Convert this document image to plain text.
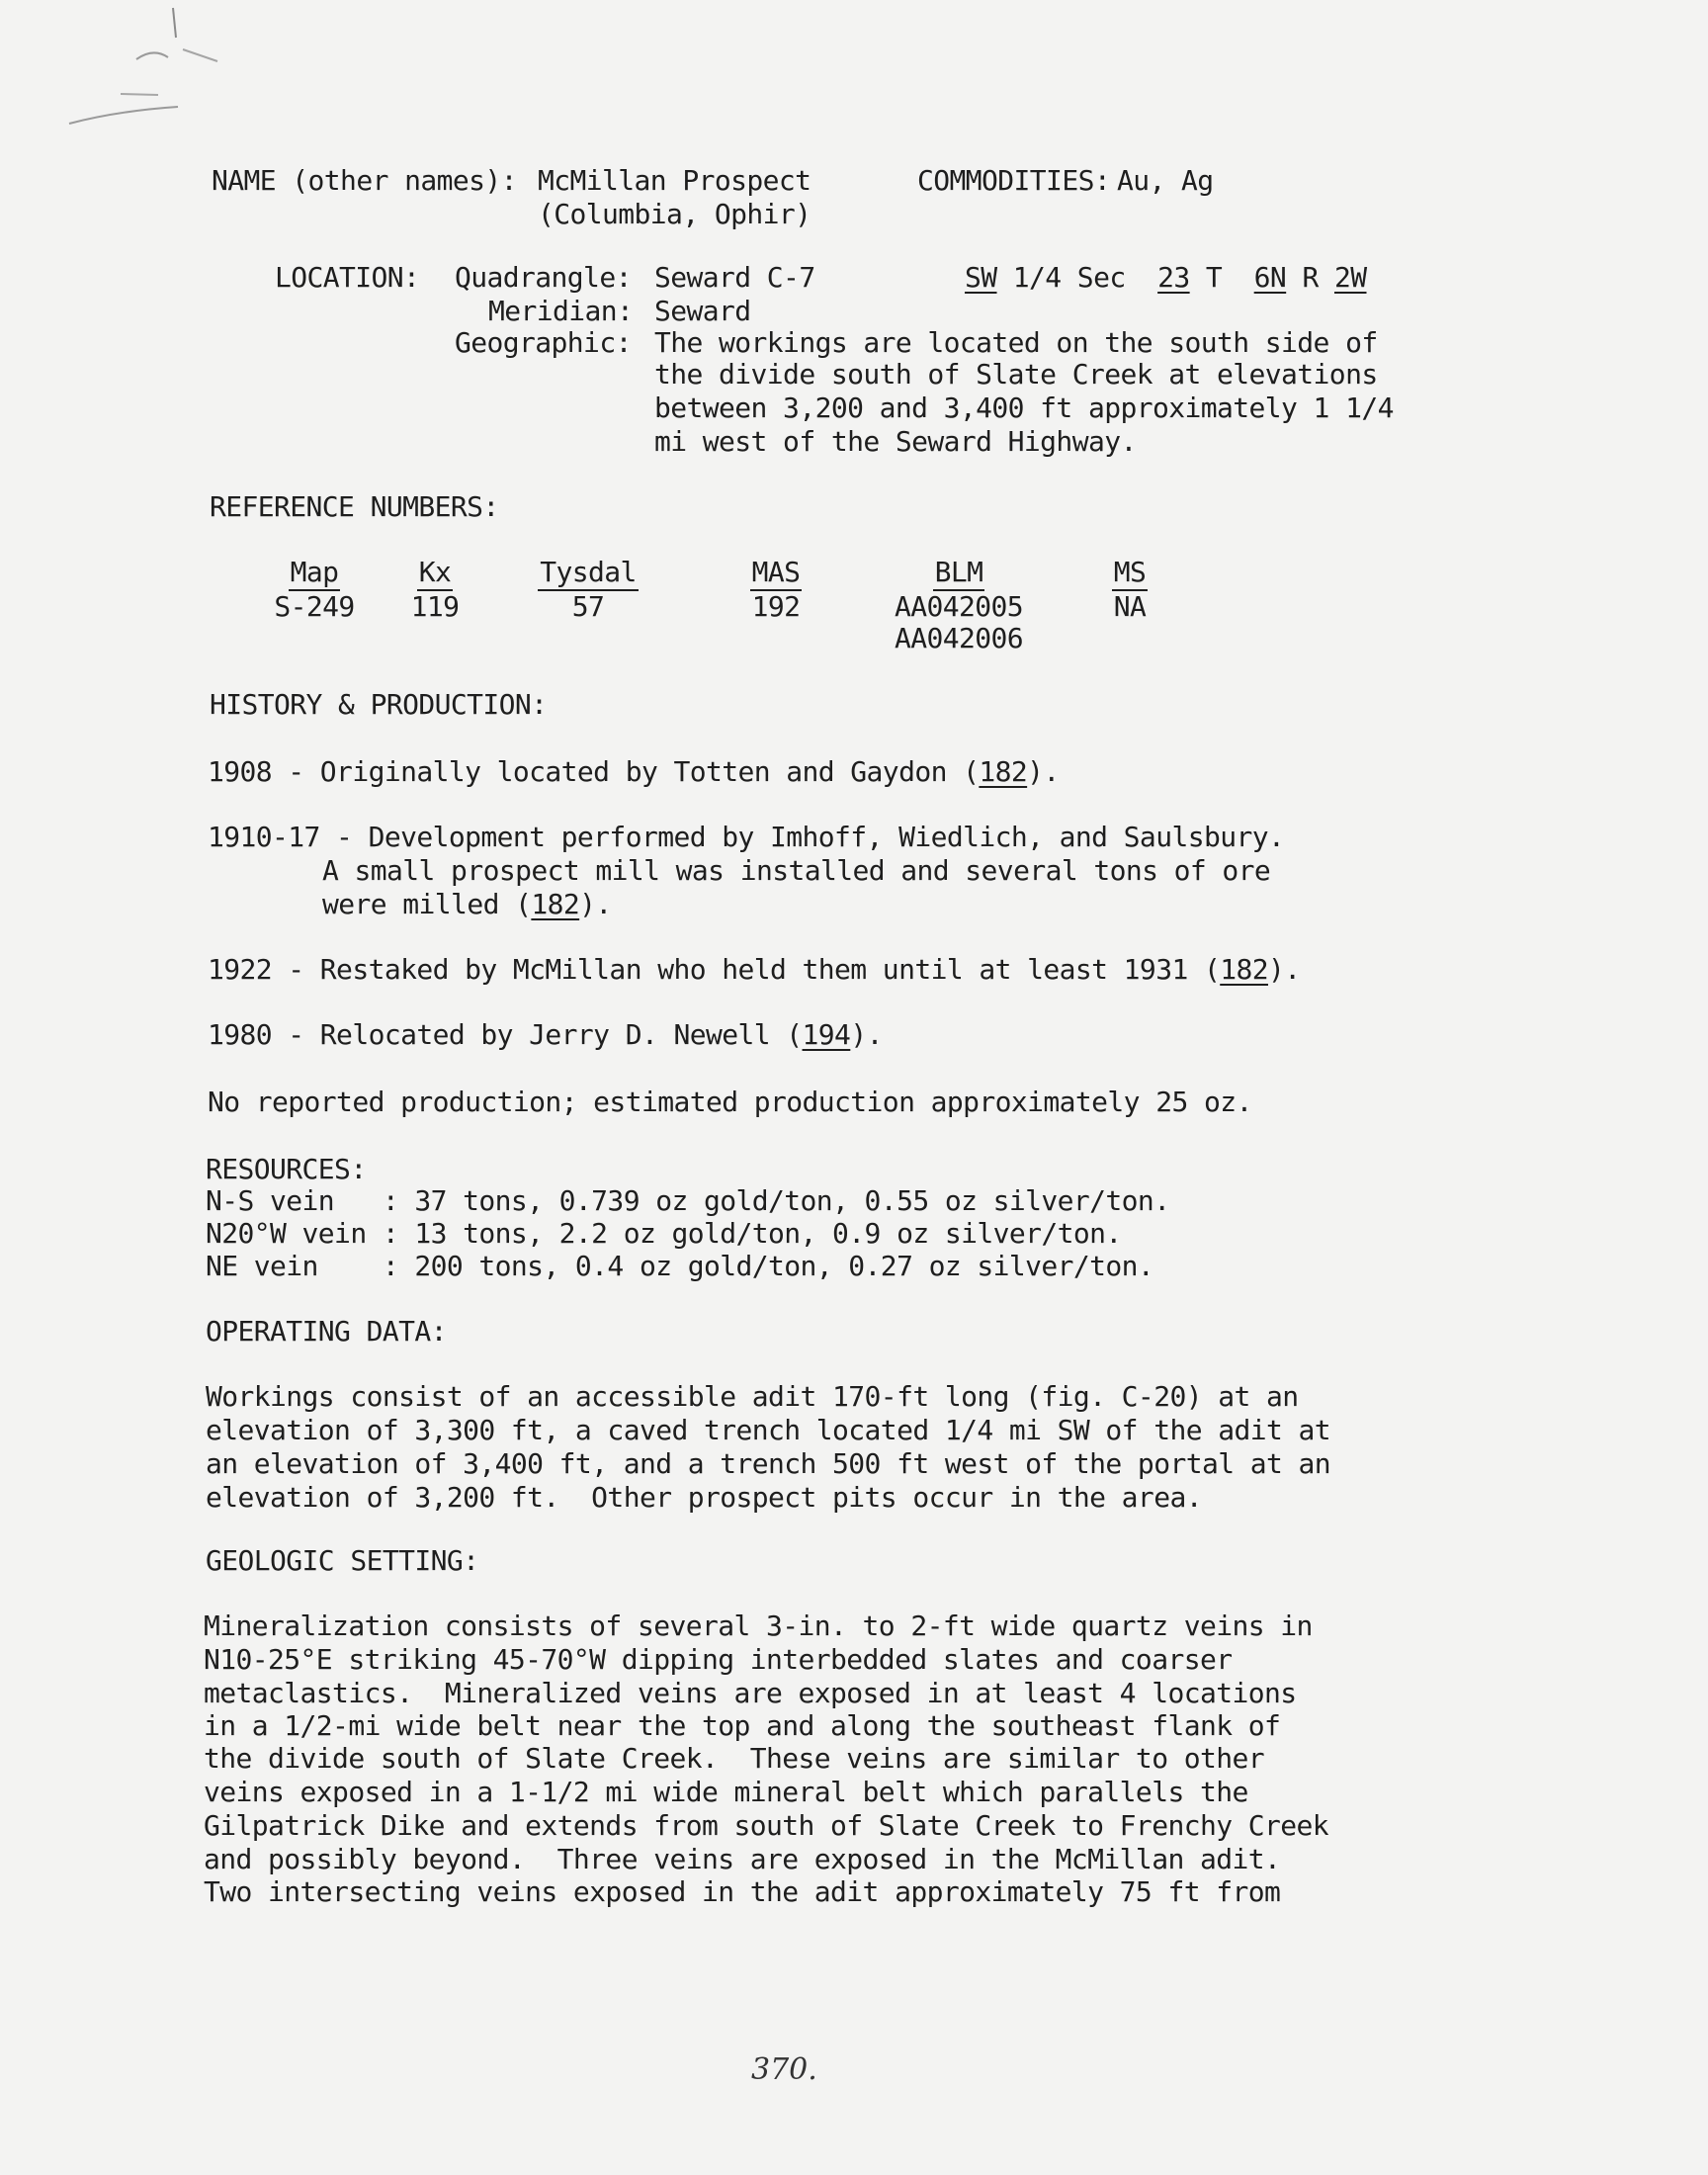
NAME (other names): McMillan Prospect
(Columbia, Ophir)
COMMODITIES: Au, Ag
LOCATION: Quadrangle: Seward C-7	SW 1/4 Sec 23 T 6N R 2W
Meridian: Seward
Geographic: The workings are located on the south side of
the divide south of Slate Creek at elevations
between 3,200 and 3,400 ft approximately 1 1/4
mi west of the Seward Highway.
REFERENCE NUMBERS:
Map
S-249
Kx
119
Tysdal
57
MAS
192
BLM
AA042005
AA042006
MS
NA
HISTORY & PRODUCTION:
1908 - Originally located by Totten and Gaydon (182).
1910-17 - Development performed by Imhoff, Wiedlich, and Saulsbury.
A small prospect mill was installed and several tons of ore
were milled (182).
1922 - Restaked by McMillan who held them until at least 1931 (182).
1980 - Relocated by Jerry D. Newell (194).
No reported production; estimated production approximately 25 oz.
RESOURCES:
N-S vein   : 37 tons, 0.739 oz gold/ton, 0.55 oz silver/ton.
N20°W vein : 13 tons, 2.2 oz gold/ton, 0.9 oz silver/ton.
NE vein    : 200 tons, 0.4 oz gold/ton, 0.27 oz silver/ton.
OPERATING DATA:
Workings consist of an accessible adit 170-ft long (fig. C-20) at an
elevation of 3,300 ft, a caved trench located 1/4 mi SW of the adit at
an elevation of 3,400 ft, and a trench 500 ft west of the portal at an
elevation of 3,200 ft.  Other prospect pits occur in the area.
GEOLOGIC SETTING:
Mineralization consists of several 3-in. to 2-ft wide quartz veins in
N10-25°E striking 45-70°W dipping interbedded slates and coarser
metaclastics.  Mineralized veins are exposed in at least 4 locations
in a 1/2-mi wide belt near the top and along the southeast flank of
the divide south of Slate Creek.  These veins are similar to other
veins exposed in a 1-1/2 mi wide mineral belt which parallels the
Gilpatrick Dike and extends from south of Slate Creek to Frenchy Creek
and possibly beyond.  Three veins are exposed in the McMillan adit.
Two intersecting veins exposed in the adit approximately 75 ft from
370.
